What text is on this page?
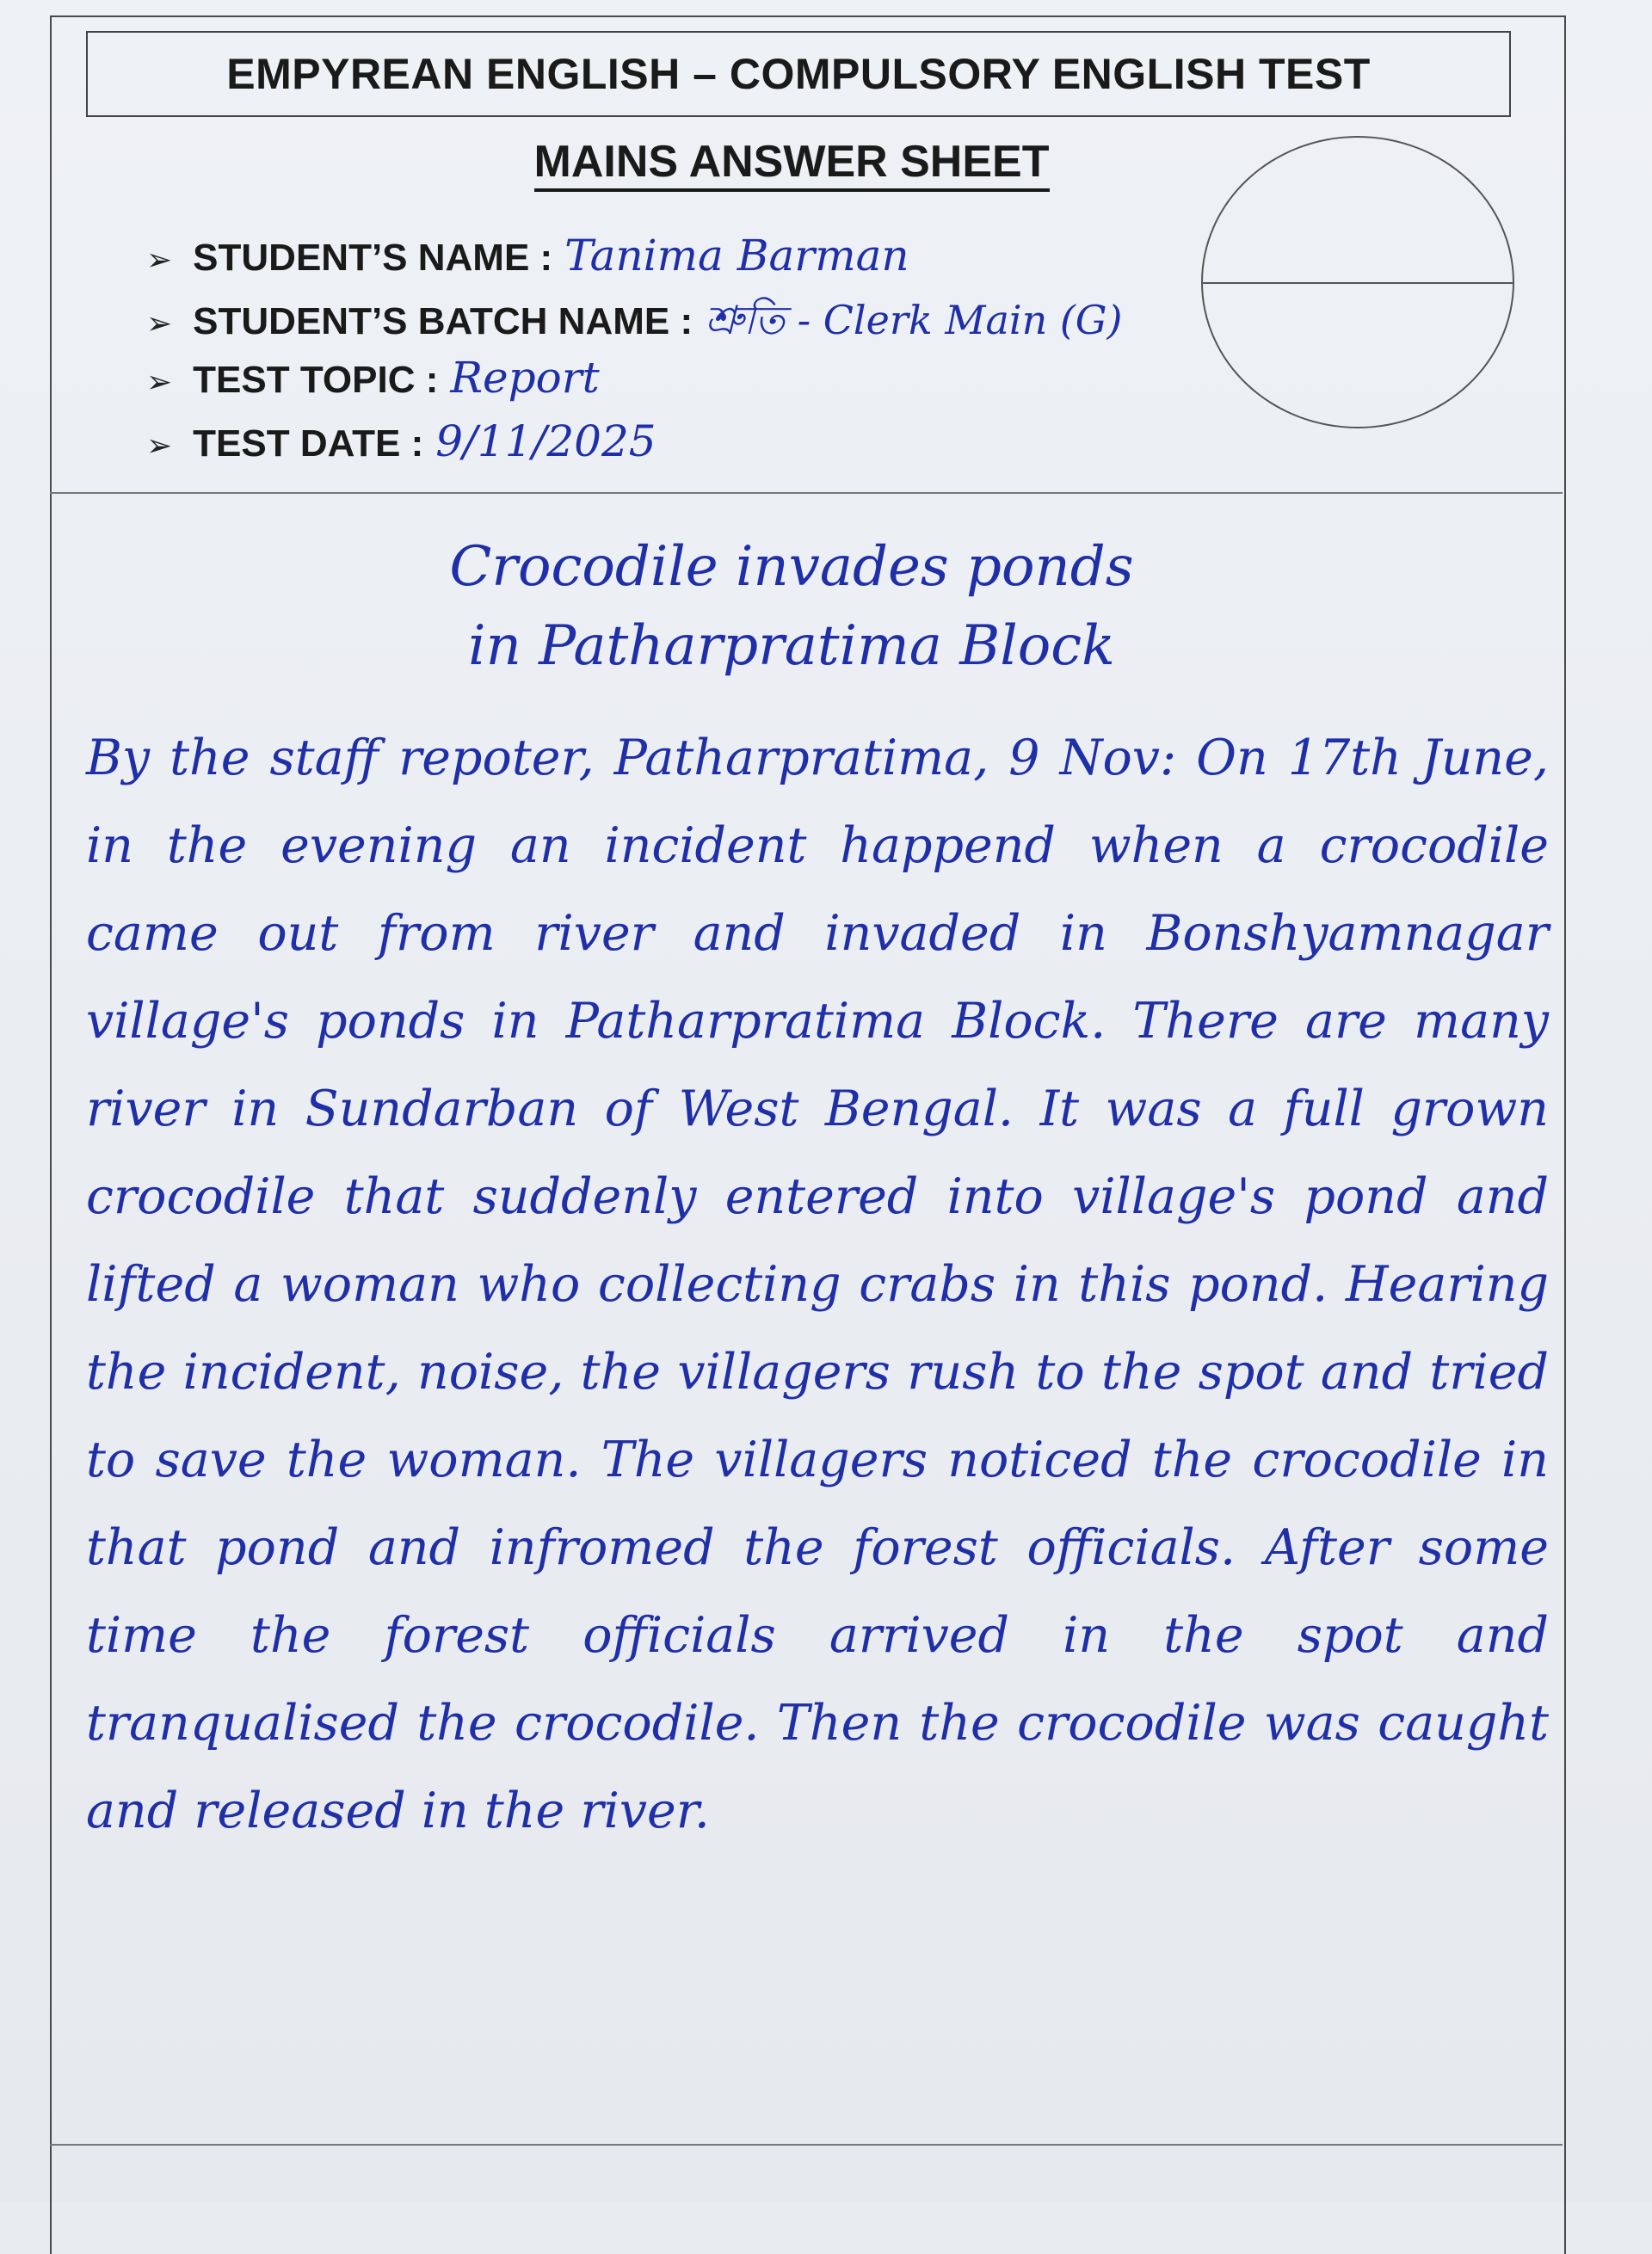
EMPYREAN ENGLISH – COMPULSORY ENGLISH TEST
MAINS ANSWER SHEET
➢ STUDENT’S NAME : Tanima Barman
➢ STUDENT’S BATCH NAME : শ্রুতি - Clerk Main (G)
➢ TEST TOPIC : Report
➢ TEST DATE : 9/11/2025
Crocodile invades ponds
in Patharpratima Block
By the staff repoter, Patharpratima, 9 Nov: On 17th June, in the evening an incident happend when a crocodile came out from river and invaded in Bonshyamnagar village's ponds in Patharpratima Block. There are many river in Sundarban of West Bengal. It was a full grown crocodile that suddenly entered into village's pond and lifted a woman who collecting crabs in this pond. Hearing the incident, noise, the villagers rush to the spot and tried to save the woman. The villagers noticed the crocodile in that pond and infromed the forest officials. After some time the forest officials arrived in the spot and tranqualised the crocodile. Then the crocodile was caught and released in the river.
